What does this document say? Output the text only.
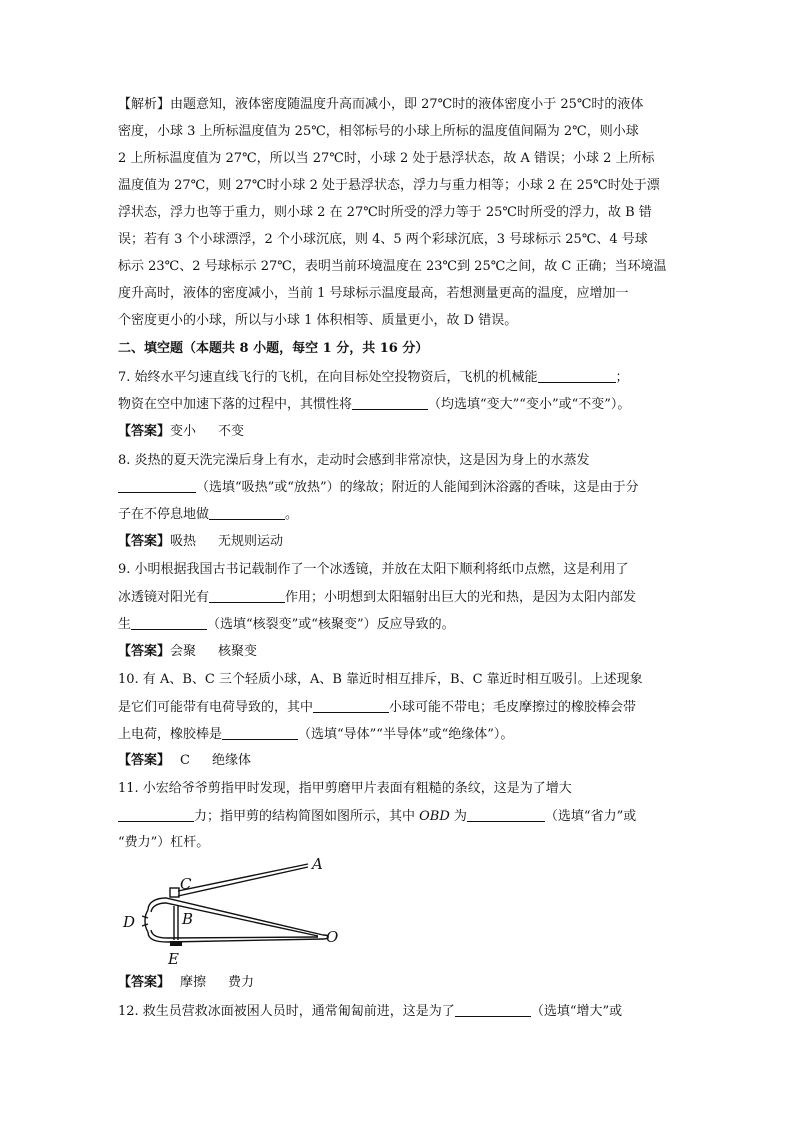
【解析】由题意知，液体密度随温度升高而减小，即 27℃时的液体密度小于 25℃时的液体
密度，小球 3 上所标温度值为 25℃，相邻标号的小球上所标的温度值间隔为 2℃，则小球
2 上所标温度值为 27℃，所以当 27℃时，小球 2 处于悬浮状态，故 A 错误；小球 2 上所标
温度值为 27℃，则 27℃时小球 2 处于悬浮状态，浮力与重力相等；小球 2 在 25℃时处于漂
浮状态，浮力也等于重力，则小球 2 在 27℃时所受的浮力等于 25℃时所受的浮力，故 B 错
误；若有 3 个小球漂浮，2 个小球沉底，则 4、5 两个彩球沉底，3 号球标示 25℃、4 号球
标示 23℃、2 号球标示 27℃，表明当前环境温度在 23℃到 25℃之间，故 C 正确；当环境温
度升高时，液体的密度减小，当前 1 号球标示温度最高，若想测量更高的温度，应增加一
个密度更小的小球，所以与小球 1 体积相等、质量更小，故 D 错误。
二、填空题（本题共 8 小题，每空 1 分，共 16 分）
7. 始终水平匀速直线飞行的飞机，在向目标处空投物资后，飞机的机械能	；
物资在空中加速下落的过程中，其惯性将	（均选填“变大”“变小”或“不变”）。
【答案】变小 不变
8. 炎热的夏天洗完澡后身上有水，走动时会感到非常凉快，这是因为身上的水蒸发
（选填“吸热”或“放热”）的缘故；附近的人能闻到沐浴露的香味，这是由于分
子在不停息地做	。
【答案】吸热 无规则运动
9. 小明根据我国古书记载制作了一个冰透镜，并放在太阳下顺利将纸巾点燃，这是利用了
冰透镜对阳光有	作用；小明想到太阳辐射出巨大的光和热，是因为太阳内部发
生	（选填“核裂变”或“核聚变”）反应导致的。
【答案】会聚 核聚变
10. 有 A、B、C 三个轻质小球，A、B 靠近时相互排斥，B、C 靠近时相互吸引。上述现象
是它们可能带有电荷导致的，其中	小球可能不带电；毛皮摩擦过的橡胶棒会带
上电荷，橡胶棒是	（选填“导体”“半导体”或“绝缘体”）。
【答案】 C 绝缘体
11. 小宏给爷爷剪指甲时发现，指甲剪磨甲片表面有粗糙的条纹，这是为了增大
力；指甲剪的结构简图如图所示，其中 OBD 为	（选填“省力”或
“费力”）杠杆。
A
C
B
D
O
E
【答案】 摩擦 费力
12. 救生员营救冰面被困人员时，通常匍匐前进，这是为了	（选填“增大”或
